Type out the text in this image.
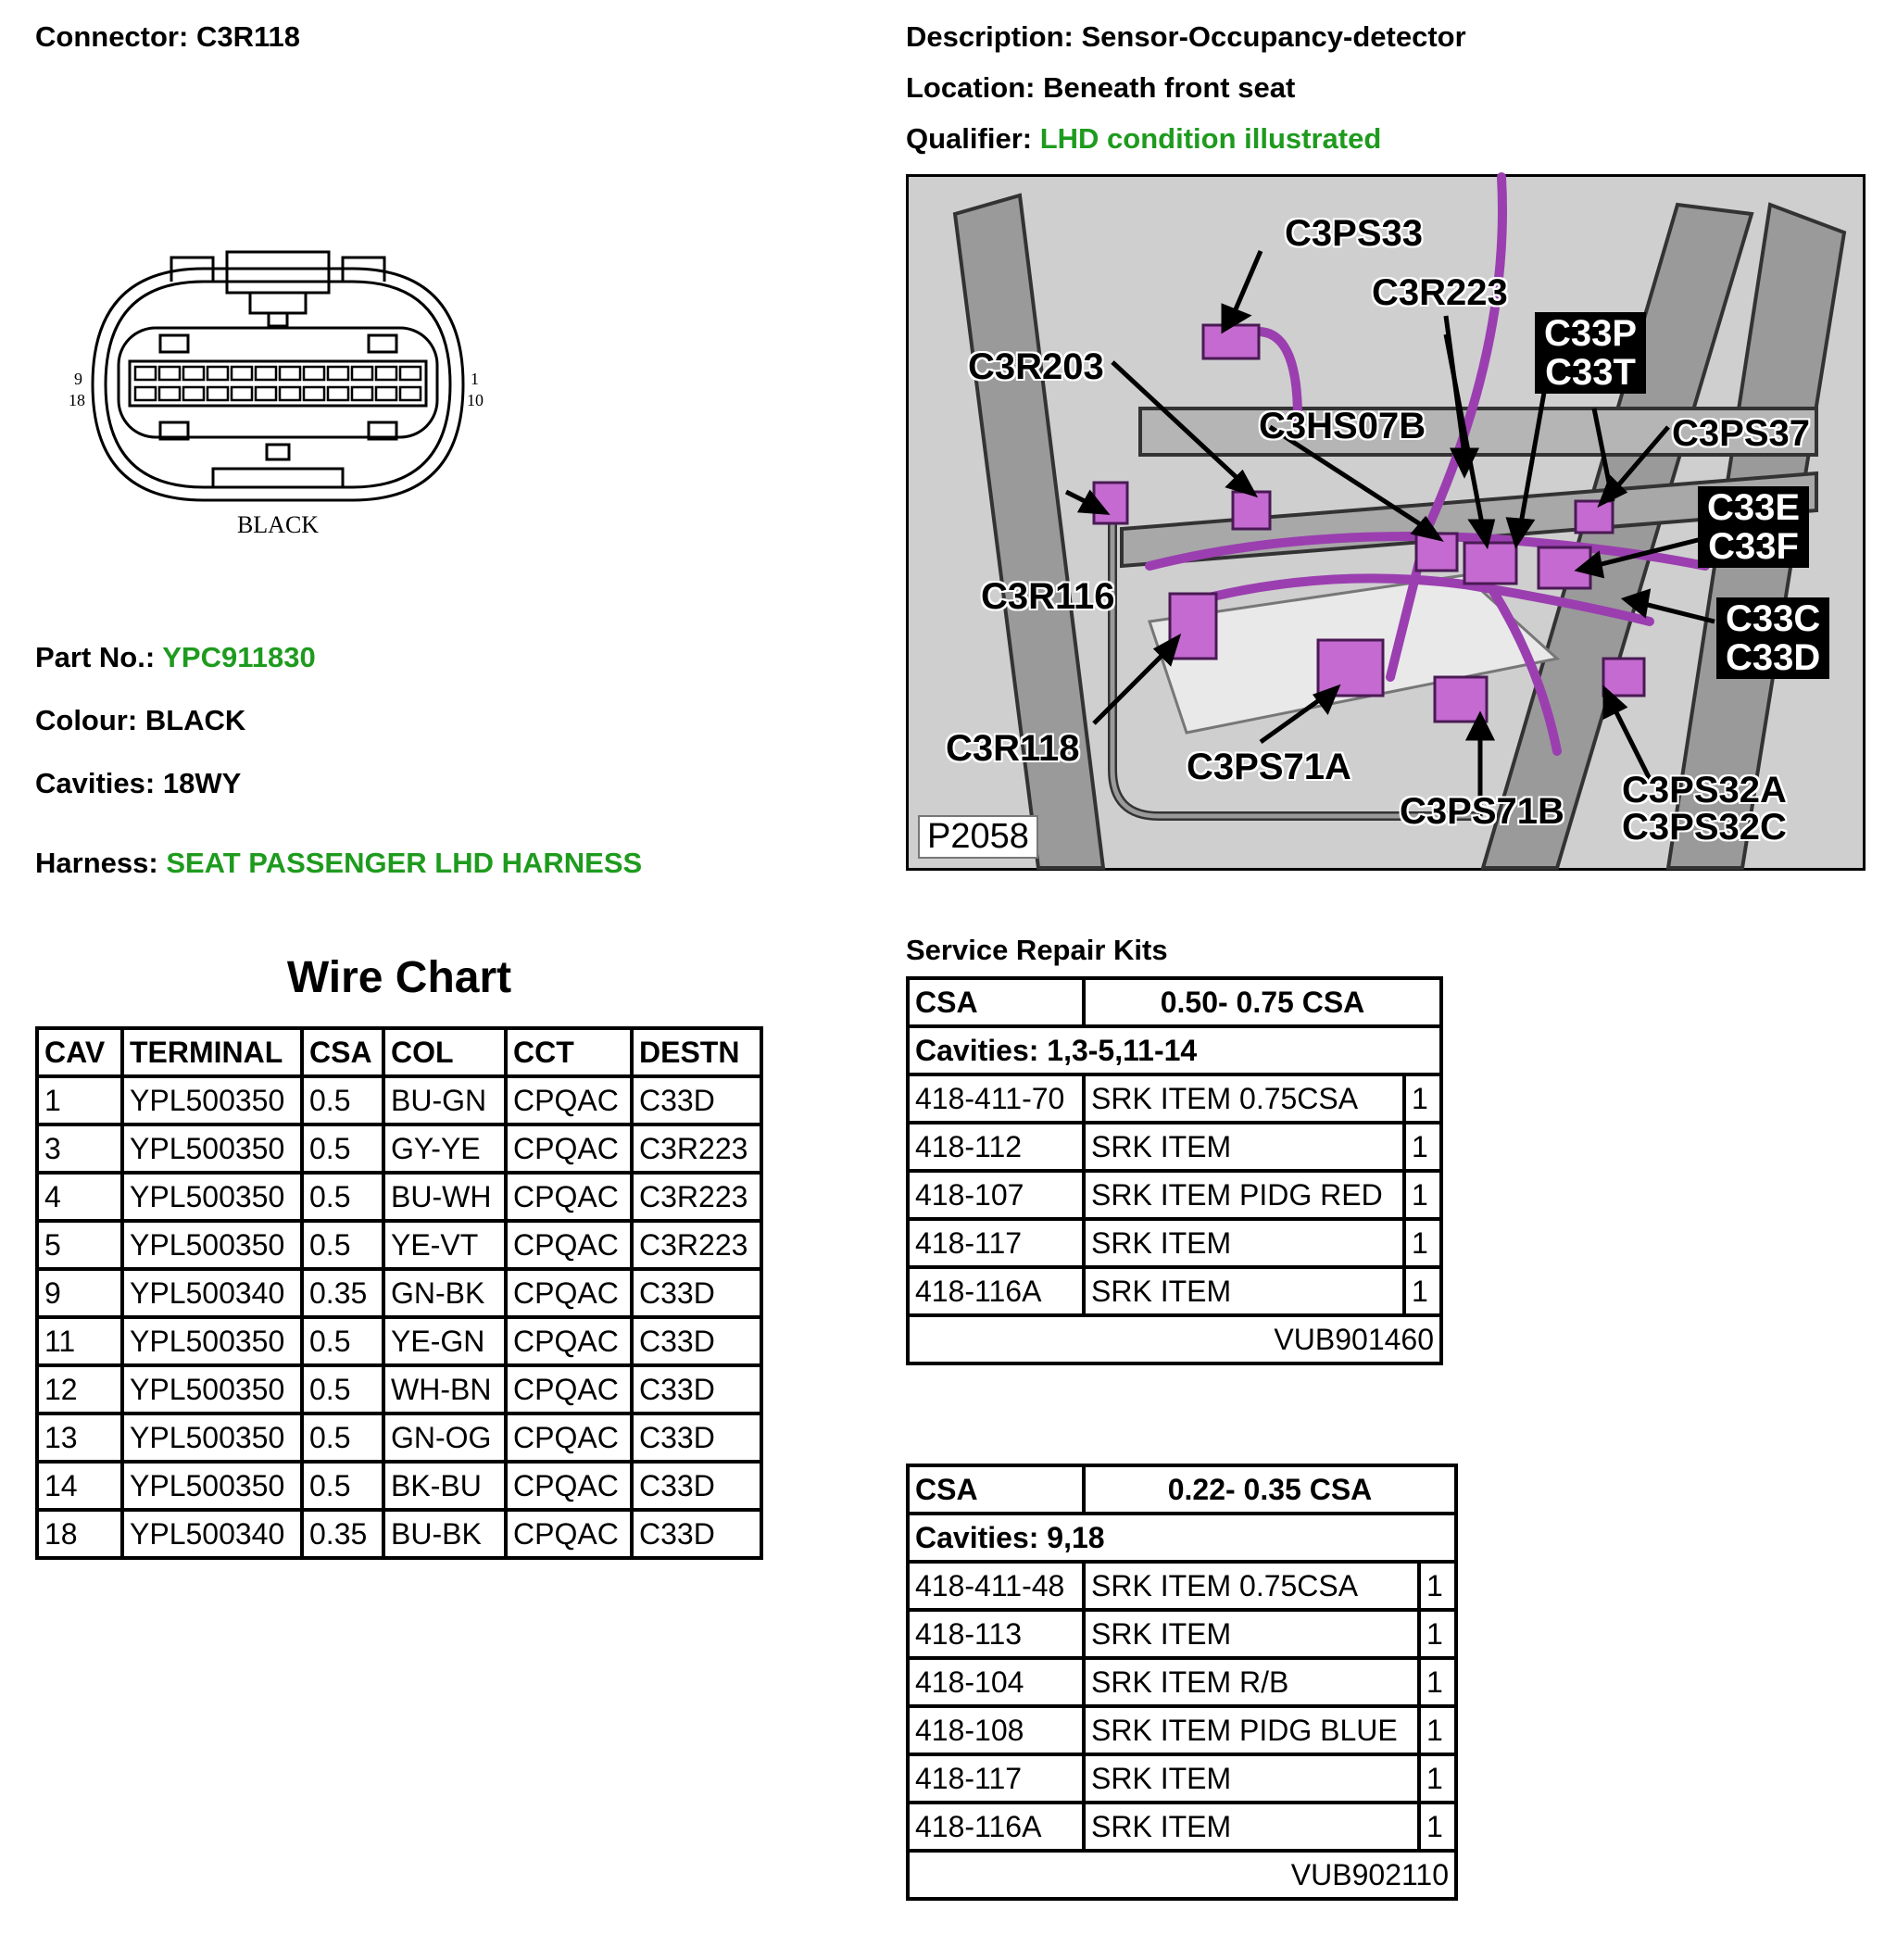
Connector: C3R118	Description: Sensor-Occupancy-detector
Location: Beneath front seat
Qualifier: LHD condition illustrated
9
18
1
10
BLACK
Part No.: YPC911830
Colour: BLACK
Cavities: 18WY
Harness: SEAT PASSENGER LHD HARNESS
Wire Chart
CAV	TERMINAL	CSA	COL	CCT	DESTN
1	YPL500350	0.5	BU-GN	CPQAC	C33D
3	YPL500350	0.5	GY-YE	CPQAC	C3R223
4	YPL500350	0.5	BU-WH	CPQAC	C3R223
5	YPL500350	0.5	YE-VT	CPQAC	C3R223
9	YPL500340	0.35	GN-BK	CPQAC	C33D
11	YPL500350	0.5	YE-GN	CPQAC	C33D
12	YPL500350	0.5	WH-BN	CPQAC	C33D
13	YPL500350	0.5	GN-OG	CPQAC	C33D
14	YPL500350	0.5	BK-BU	CPQAC	C33D
18	YPL500340	0.35	BU-BK	CPQAC	C33D
C3PS33
C3R223
C33P
C33T
C3R203
C3HS07B	C3PS37
C33E
C33F
C3R116
C33C
C33D
C3R118	C3PS71A
C3PS71B
C3PS32A
C3PS32C
P2058
Service Repair Kits
CSA	0.50- 0.75 CSA	
Cavities: 1,3-5,11-14		
418-411-70	SRK ITEM 0.75CSA	1
418-112	SRK ITEM	1
418-107	SRK ITEM PIDG RED	1
418-117	SRK ITEM	1
418-116A	SRK ITEM	1
VUB901460		
CSA	0.22- 0.35 CSA	
Cavities: 9,18		
418-411-48	SRK ITEM 0.75CSA	1
418-113	SRK ITEM	1
418-104	SRK ITEM R/B	1
418-108	SRK ITEM PIDG BLUE	1
418-117	SRK ITEM	1
418-116A	SRK ITEM	1
VUB902110		
